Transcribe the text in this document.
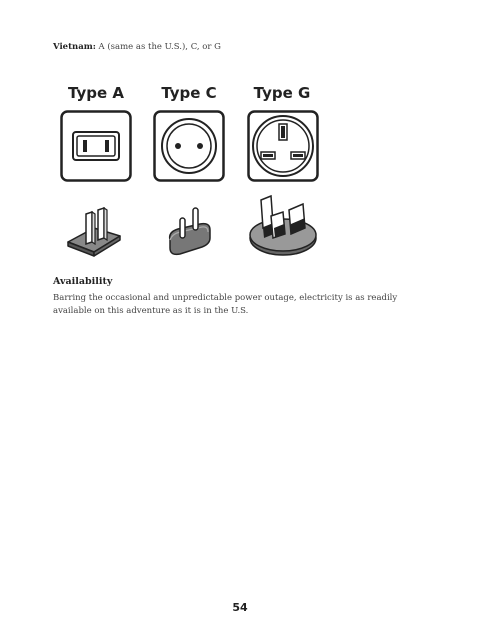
Vietnam: A (same as the U.S.), C, or G
Type A	Type C	Type G
Availability
Barring the occasional and unpredictable power outage, electricity is as readily available on this adventure as it is in the U.S.
54
